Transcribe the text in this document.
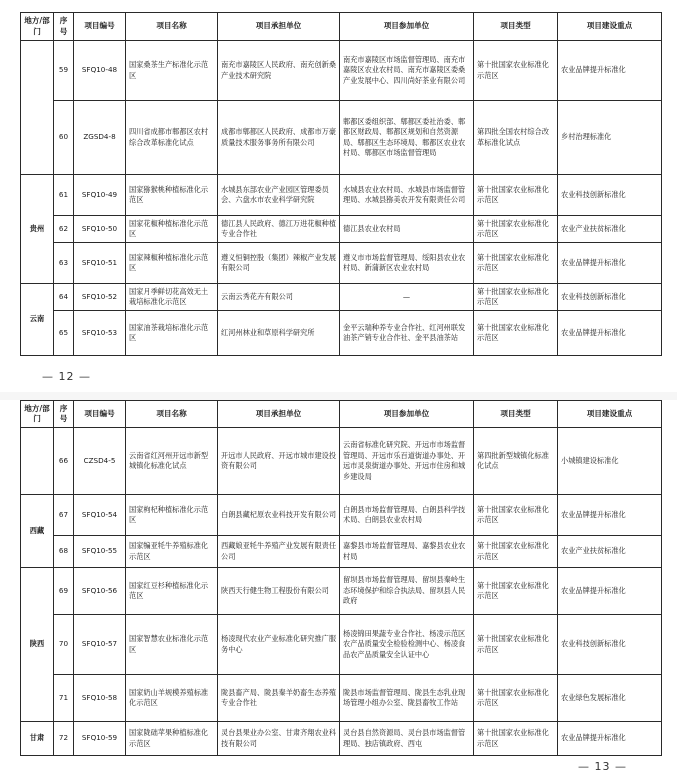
地方/部门	序号	项目编号	项目名称	项目承担单位	项目参加单位	项目类型	项目建设重点
	59	SFQ10-48	国家桑茶生产标准化示范区	南充市嘉陵区人民政府、南充创新桑产业技术研究院	南充市嘉陵区市场监督管理局、南充市嘉陵区农业农村局、南充市嘉陵区委桑产业发展中心、四川尚好茶业有限公司	第十批国家农业标准化示范区	农业品牌提升标准化
	60	ZGSD4-8	四川省成都市郫都区农村综合改革标准化试点	成都市郫都区人民政府、成都市万豪质量技术服务事务所有限公司	郫都区委组织部、郫都区委社治委、郫都区财政局、郫都区规划和自然资源局、郫都区生态环境局、郫都区农业农村局、郫都区市场监督管理局	第四批全国农村综合改革标准化试点	乡村治理标准化
贵州	61	SFQ10-49	国家猕猴桃种植标准化示范区	水城县东部农业产业园区管理委员会、六盘水市农业科学研究院	水城县农业农村局、水城县市场监督管理局、水城县猕美农开发有限责任公司	第十批国家农业标准化示范区	农业科技创新标准化
	62	SFQ10-50	国家花椒种植标准化示范区	德江县人民政府、德江万进花椒种植专业合作社	德江县农业农村局	第十批国家农业标准化示范区	农业产业扶贫标准化
	63	SFQ10-51	国家辣椒种植标准化示范区	遵义恒铜控股（集团）辣椒产业发展有限公司	遵义市市场监督管理局、绥阳县农业农村局、新蒲新区农业农村局	第十批国家农业标准化示范区	农业品牌提升标准化
云南	64	SFQ10-52	国家月季鲜切花高效无土栽培标准化示范区	云南云秀花卉有限公司	—	第十批国家农业标准化示范区	农业科技创新标准化
	65	SFQ10-53	国家油茶栽培标准化示范区	红河州林业和草原科学研究所	金平云瑞种养专业合作社、红河州联发油茶产销专业合作社、金平县油茶站	第十批国家农业标准化示范区	农业品牌提升标准化
— 12 —
地方/部门	序号	项目编号	项目名称	项目承担单位	项目参加单位	项目类型	项目建设重点
	66	CZSD4-5	云南省红河州开远市新型城镇化标准化试点	开远市人民政府、开远市城市建设投资有限公司	云南省标准化研究院、开远市市场监督管理局、开远市乐百道街道办事处、开远市灵泉街道办事处、开远市住房和城乡建设局	第四批新型城镇化标准化试点	小城镇建设标准化
西藏	67	SFQ10-54	国家枸杞种植标准化示范区	白朗县藏杞原农业科技开发有限公司	白朗县市场监督管理局、白朗县科学技术局、白朗县农业农村局	第十批国家农业标准化示范区	农业品牌提升标准化
	68	SFQ10-55	国家犏亚牦牛养殖标准化示范区	西藏娘亚牦牛养殖产业发展有限责任公司	嘉黎县市场监督管理局、嘉黎县农业农村局	第十批国家农业标准化示范区	农业产业扶贫标准化
陕西	69	SFQ10-56	国家红豆杉种植标准化示范区	陕西天行健生物工程股份有限公司	留坝县市场监督管理局、留坝县秦岭生态环境保护和综合执法局、留坝县人民政府	第十批国家农业标准化示范区	农业品牌提升标准化
	70	SFQ10-57	国家智慧农业标准化示范区	杨凌现代农业产业标准化研究推广服务中心	杨凌锦田果蔬专业合作社、杨凌示范区农产品质量安全检验检测中心、杨凌食品农产品质量安全认证中心	第十批国家农业标准化示范区	农业科技创新标准化
	71	SFQ10-58	国家奶山羊规模养殖标准化示范区	陇县畜产局、陇县秦羊奶畜生态养殖专业合作社	陇县市场监督管理局、陇县生态乳业现场管理小组办公室、陇县畜牧工作站	第十批国家农业标准化示范区	农业绿色发展标准化
甘肃	72	SFQ10-59	国家陇础苹果种植标准化示范区	灵台县果业办公室、甘肃齐翔农业科技有限公司	灵台县自然资源局、灵台县市场监督管理局、独店镇政府、西屯	第十批国家农业标准化示范区	农业品牌提升标准化
— 13 —
